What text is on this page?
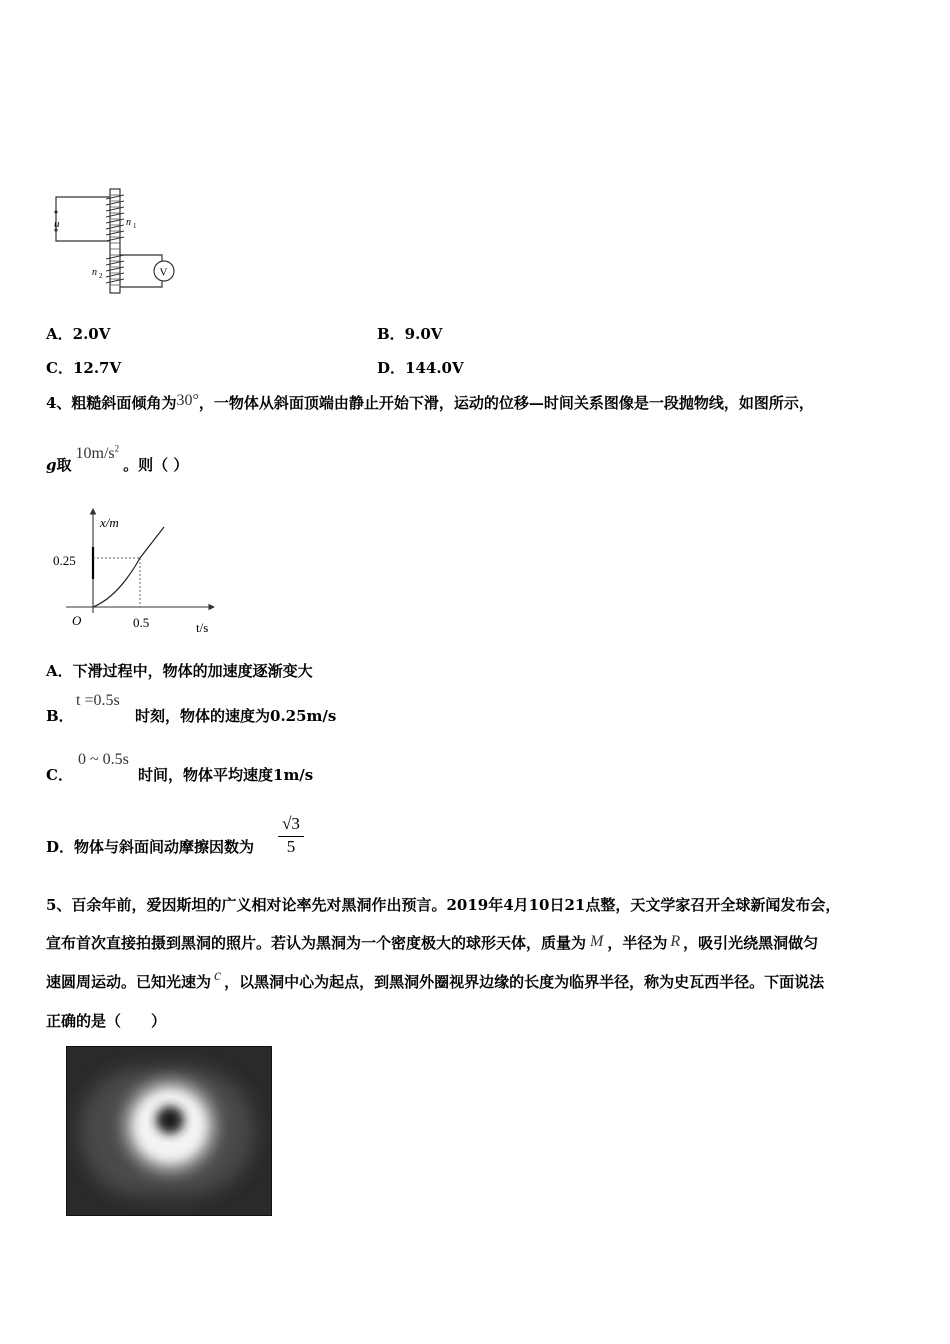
u	n 1
n 2	V
A．2.0V	B．9.0V
C．12.7V	D．144.0V
4、粗糙斜面倾角为30°，一物体从斜面顶端由静止开始下滑，运动的位移—时间关系图像是一段抛物线，如图所示，
g取$10m/s^2$。则（ ）
x/m
t/s
O
0.25
0.5
A．下滑过程中，物体的加速度逐渐变大
B．
t =0.5s
时刻，物体的速度为0.25m/s
C．
0 ~ 0.5s
时间，物体平均速度1m/s
D．物体与斜面间动摩擦因数为 $\frac{√3}{5}$
5、百余年前，爱因斯坦的广义相对论率先对黑洞作出预言。2019年4月10日21点整，天文学家召开全球新闻发布会，
宣布首次直接拍摄到黑洞的照片。若认为黑洞为一个密度极大的球形天体，质量为 M ，半径为 R ，吸引光绕黑洞做匀
速圆周运动。已知光速为 c ，以黑洞中心为起点，到黑洞外圈视界边缘的长度为临界半径，称为史瓦西半径。下面说法
正确的是（　　）
